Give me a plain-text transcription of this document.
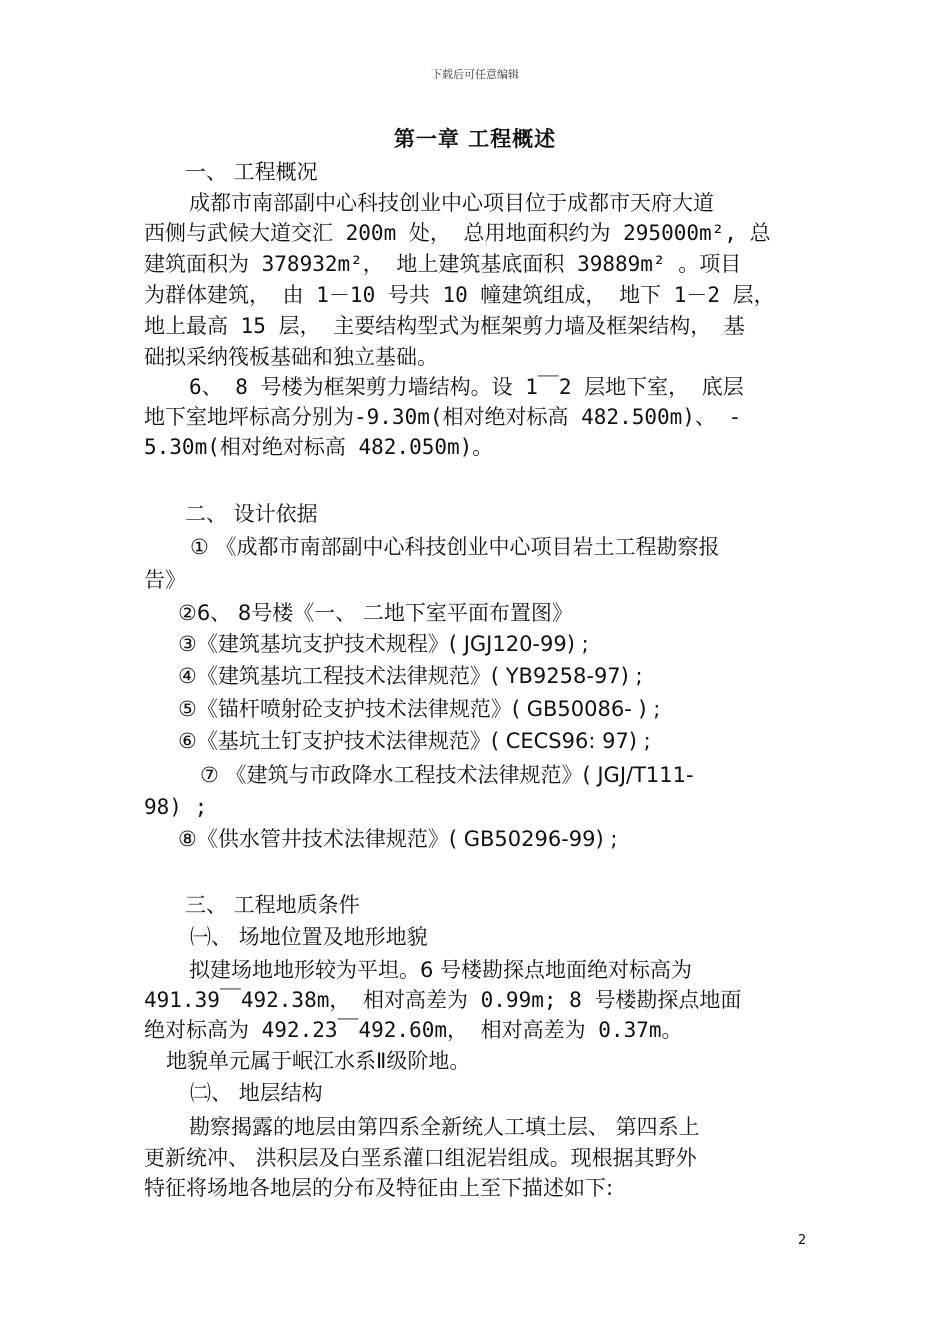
下载后可任意编辑
第一章 工程概述
一、 工程概况
成都市南部副中心科技创业中心项目位于成都市天府大道
西侧与武候大道交汇 200m 处， 总用地面积约为 295000m², 总
建筑面积为 378932m²， 地上建筑基底面积 39889m² 。项目
为群体建筑， 由 1－10 号共 10 幢建筑组成， 地下 1－2 层，
地上最高 15 层， 主要结构型式为框架剪力墙及框架结构， 基
础拟采纳筏板基础和独立基础。
6、 8 号楼为框架剪力墙结构。设 1￣2 层地下室， 底层
地下室地坪标高分别为-9.30m(相对绝对标高 482.500m)、 -
5.30m(相对绝对标高 482.050m)。
二、 设计依据
① 《成都市南部副中心科技创业中心项目岩土工程勘察报
告》
②6、 8号楼《一、 二地下室平面布置图》
③《建筑基坑支护技术规程》( JGJ120-99) ;
④《建筑基坑工程技术法律规范》( YB9258-97) ;
⑤《锚杆喷射砼支护技术法律规范》( GB50086- ) ;
⑥《基坑土钉支护技术法律规范》( CECS96: 97) ;
⑦ 《建筑与市政降水工程技术法律规范》( JGJ/T111-
98) ;
⑧《供水管井技术法律规范》( GB50296-99) ;
三、 工程地质条件
㈠、 场地位置及地形地貌
拟建场地地形较为平坦。6 号楼勘探点地面绝对标高为
491.39￣492.38m， 相对高差为 0.99m; 8 号楼勘探点地面
绝对标高为 492.23￣492.60m， 相对高差为 0.37m。
地貌单元属于岷江水系Ⅱ级阶地。
㈡、 地层结构
勘察揭露的地层由第四系全新统人工填土层、 第四系上
更新统冲、 洪积层及白垩系灌口组泥岩组成。现根据其野外
特征将场地各地层的分布及特征由上至下描述如下:
2
